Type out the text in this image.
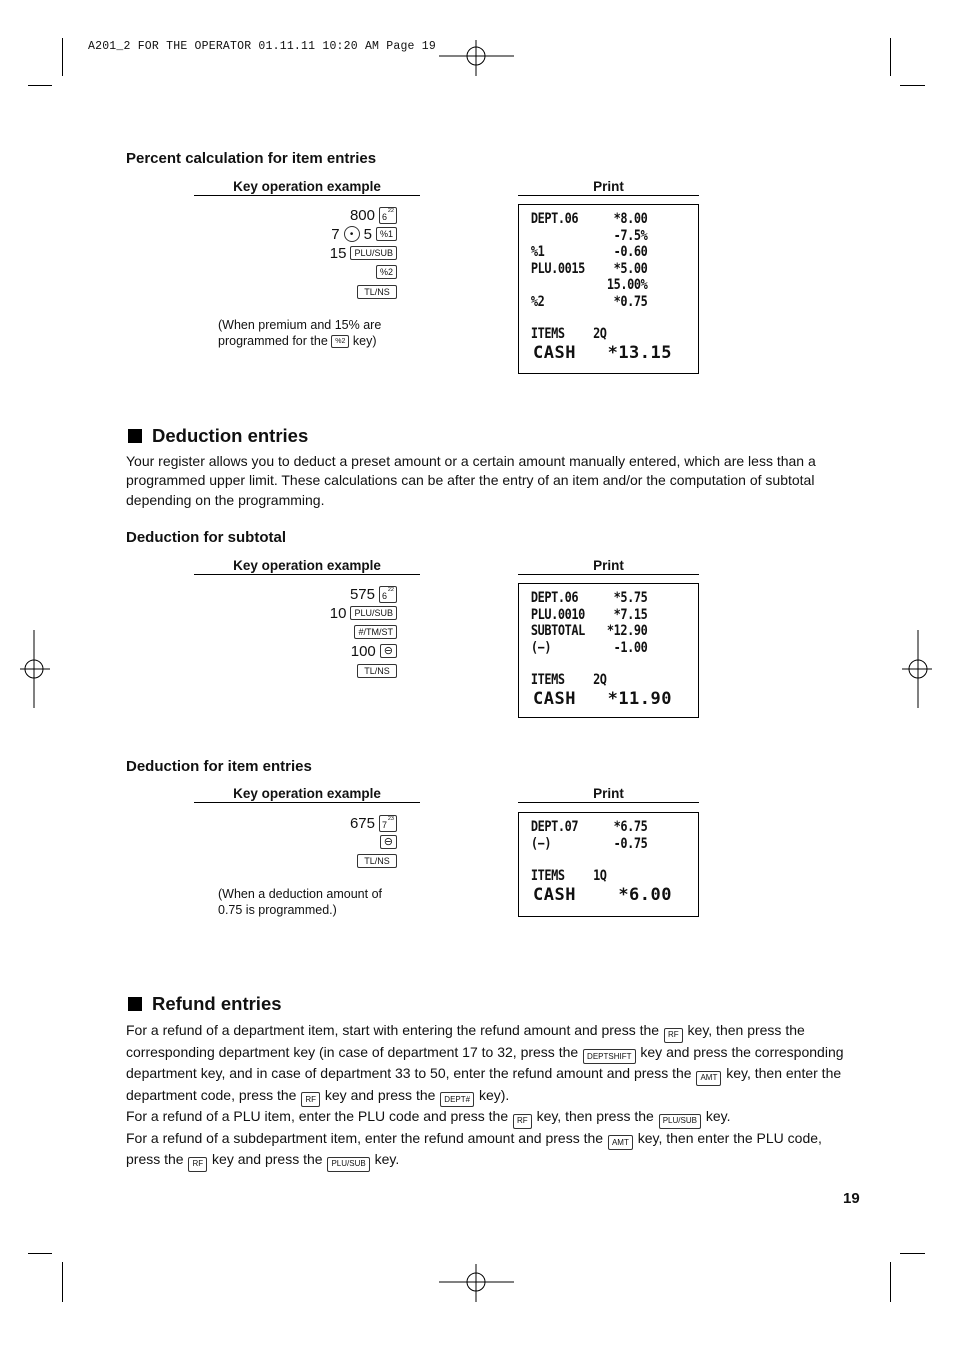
A201_2 FOR THE OPERATOR 01.11.11 10:20 AM Page 19
Percent calculation for item entries
Key operation example	Print
800 6
22
7	• 5 %1
15 PLU/SUB
%2
TL/NS
(When premium and 15% are programmed for the %2 key)
DEPT.06	*8.00
-7.5%
%1	-0.60
PLU.0015 *5.00
15.00%
%2	*0.75
ITEMS 2Q
CASH *13.15
Deduction entries
Your register allows you to deduct a preset amount or a certain amount manually entered, which are less than a programmed upper limit. These calculations can be after the entry of an item and/or the computation of subtotal depending on the programming.
Deduction for subtotal
Key operation example	Print
575 6
22
10 PLU/SUB
#/TM/ST
100 ⊖
TL/NS
DEPT.06	*5.75
PLU.0010 *7.15
SUBTOTAL *12.90
(−)	-1.00
ITEMS 2Q
CASH *11.90
Deduction for item entries
Key operation example	Print
675 7
23
⊖
TL/NS
(When a deduction amount of 0.75 is programmed.)
DEPT.07	*6.75
(−)	-0.75
ITEMS 1Q
CASH *6.00
Refund entries
For a refund of a department item, start with entering the refund amount and press the RF key, then press the corresponding department key (in case of department 17 to 32, press the DEPTSHIFT key and press the corresponding department key, and in case of department 33 to 50, enter the refund amount and press the AMT key, then enter the department code, press the RF key and press the DEPT# key).
For a refund of a PLU item, enter the PLU code and press the RF key, then press the PLU/SUB key.
For a refund of a subdepartment item, enter the refund amount and press the AMT key, then enter the PLU code, press the RF key and press the PLU/SUB key.
19
